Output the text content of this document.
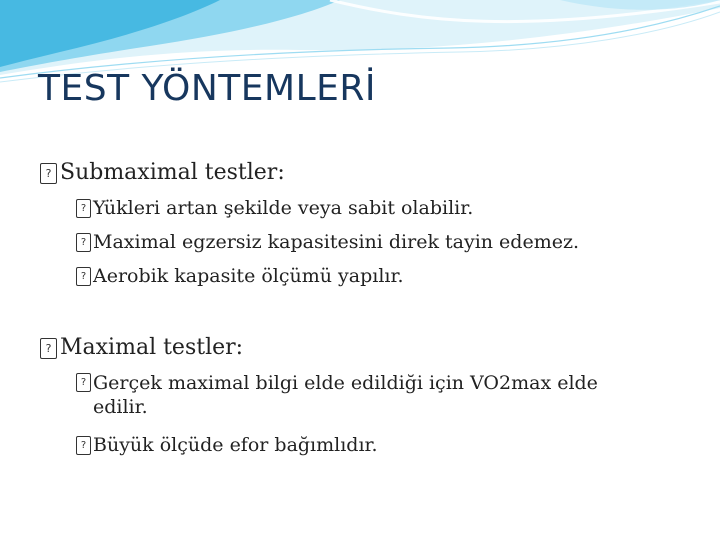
TEST YÖNTEMLERİ
? Submaximal testler:
? Yükleri artan şekilde veya sabit olabilir.
? Maximal egzersiz kapasitesini direk tayin edemez.
? Aerobik kapasite ölçümü yapılır.
? Maximal testler:
? Gerçek maximal bilgi elde edildiği için VO2max elde edilir.
? Büyük ölçüde efor bağımlıdır.
